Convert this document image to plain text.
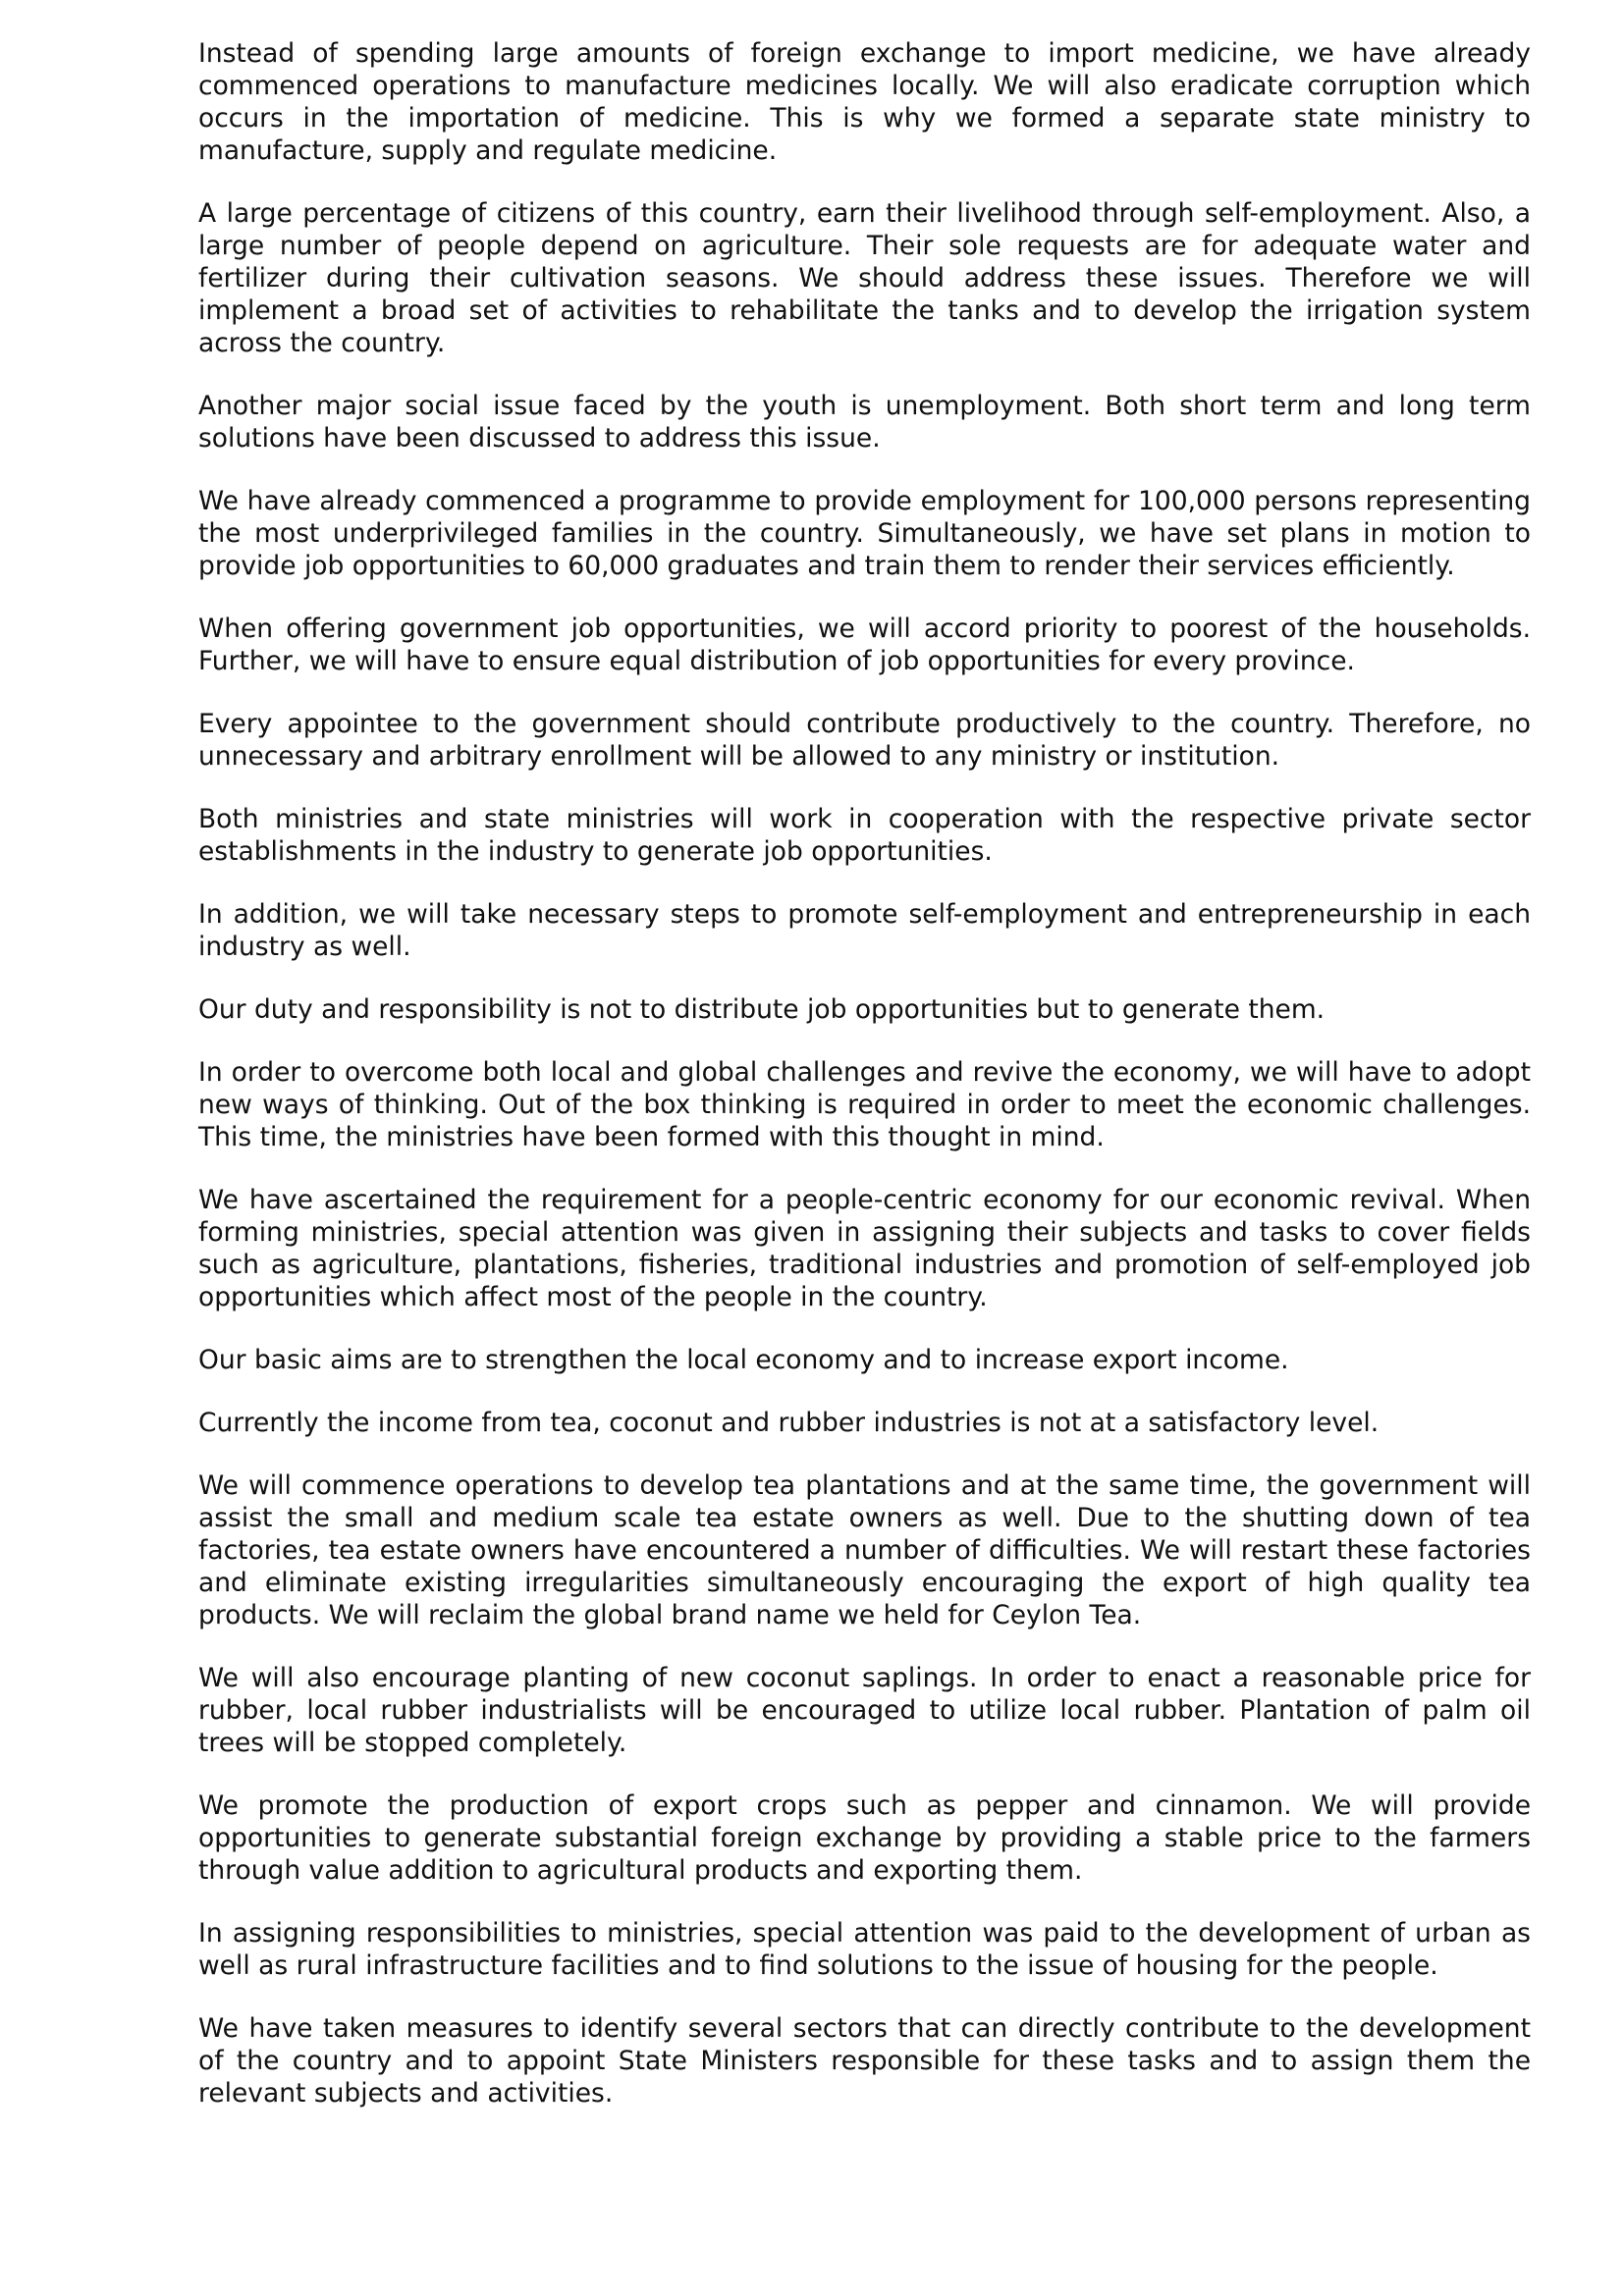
Instead of spending large amounts of foreign exchange to import medicine, we have already commenced operations to manufacture medicines locally. We will also eradicate corruption which occurs in the importation of medicine. This is why we formed a separate state ministry to manufacture, supply and regulate medicine.

A large percentage of citizens of this country, earn their livelihood through self-employment. Also, a large number of people depend on agriculture. Their sole requests are for adequate water and fertilizer during their cultivation seasons. We should address these issues. Therefore we will implement a broad set of activities to rehabilitate the tanks and to develop the irrigation system across the country.

Another major social issue faced by the youth is unemployment. Both short term and long term solutions have been discussed to address this issue.

We have already commenced a programme to provide employment for 100,000 persons representing the most underprivileged families in the country. Simultaneously, we have set plans in motion to provide job opportunities to 60,000 graduates and train them to render their services efficiently.

When offering government job opportunities, we will accord priority to poorest of the households. Further, we will have to ensure equal distribution of job opportunities for every province.

Every appointee to the government should contribute productively to the country. Therefore, no unnecessary and arbitrary enrollment will be allowed to any ministry or institution.

Both ministries and state ministries will work in cooperation with the respective private sector establishments in the industry to generate job opportunities.

In addition, we will take necessary steps to promote self-employment and entrepreneurship in each industry as well.

Our duty and responsibility is not to distribute job opportunities but to generate them.

In order to overcome both local and global challenges and revive the economy, we will have to adopt new ways of thinking. Out of the box thinking is required in order to meet the economic challenges. This time, the ministries have been formed with this thought in mind.

We have ascertained the requirement for a people-centric economy for our economic revival. When forming ministries, special attention was given in assigning their subjects and tasks to cover fields such as agriculture, plantations, fisheries, traditional industries and promotion of self-employed job opportunities which affect most of the people in the country.

Our basic aims are to strengthen the local economy and to increase export income.

Currently the income from tea, coconut and rubber industries is not at a satisfactory level.

We will commence operations to develop tea plantations and at the same time, the government will assist the small and medium scale tea estate owners as well. Due to the shutting down of tea factories, tea estate owners have encountered a number of difficulties. We will restart these factories and eliminate existing irregularities simultaneously encouraging the export of high quality tea products. We will reclaim the global brand name we held for Ceylon Tea.

We will also encourage planting of new coconut saplings. In order to enact a reasonable price for rubber, local rubber industrialists will be encouraged to utilize local rubber. Plantation of palm oil trees will be stopped completely.

We promote the production of export crops such as pepper and cinnamon. We will provide opportunities to generate substantial foreign exchange by providing a stable price to the farmers through value addition to agricultural products and exporting them.

In assigning responsibilities to ministries, special attention was paid to the development of urban as well as rural infrastructure facilities and to find solutions to the issue of housing for the people.

We have taken measures to identify several sectors that can directly contribute to the development of the country and to appoint State Ministers responsible for these tasks and to assign them the relevant subjects and activities.
